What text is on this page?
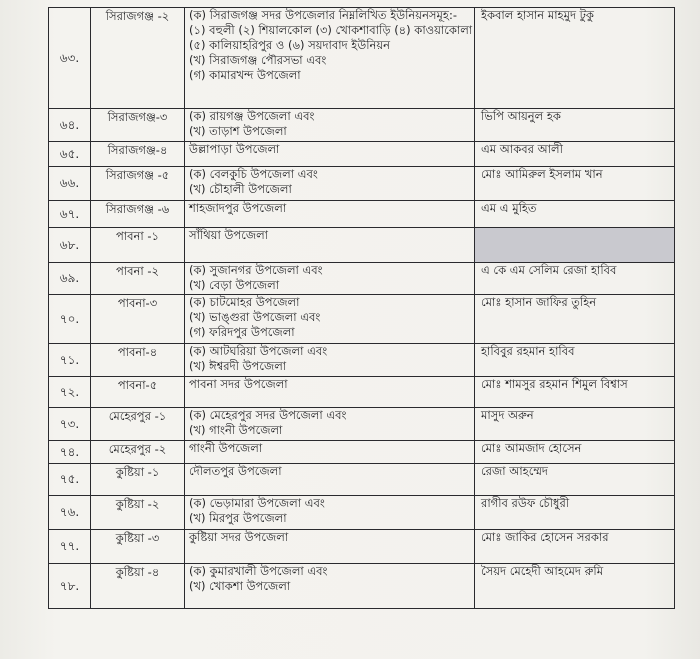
৬৩.	সিরাজগঞ্জ -২	(ক) সিরাজগঞ্জ সদর উপজেলার নিম্নলিখিত ইউনিয়নসমূহ:-
(১) বহুলী (২) শিয়ালকোল (৩) খোকশাবাড়ি (৪) কাওয়াকোলা
(৫) কালিয়াহরিপুর ও (৬) সয়দাবাদ ইউনিয়ন
(খ) সিরাজগঞ্জ পৌরসভা এবং
(গ) কামারখন্দ উপজেলা	ইকবাল হাসান মাহমুদ টুকু
৬৪.	সিরাজগঞ্জ-৩	(ক) রায়গঞ্জ উপজেলা এবং
(খ) তাড়াশ উপজেলা	ভিপি আয়নুল হক
৬৫.	সিরাজগঞ্জ-৪	উল্লাপাড়া উপজেলা	এম আকবর আলী
৬৬.	সিরাজগঞ্জ -৫	(ক) বেলকুচি উপজেলা এবং
(খ) চৌহালী উপজেলা	মোঃ আমিরুল ইসলাম খান
৬৭.	সিরাজগঞ্জ -৬	শাহজাদপুর উপজেলা	এম এ মুহিত
৬৮.	পাবনা -১	সাঁথিয়া উপজেলা	

৬৯.	পাবনা -২	(ক) সুজানগর উপজেলা এবং
(খ) বেড়া উপজেলা	এ কে এম সেলিম রেজা হাবিব
৭০.	পাবনা-৩	(ক) চাটমোহর উপজেলা
(খ) ভাঙ্গুরা উপজেলা এবং
(গ) ফরিদপুর উপজেলা	মোঃ হাসান জাফির তুহিন
৭১.	পাবনা-৪	(ক) আটঘরিয়া উপজেলা এবং
(খ) ঈশ্বরদী উপজেলা	হাবিবুর রহমান হাবিব
৭২.	পাবনা-৫	পাবনা সদর উপজেলা	মোঃ শামসুর রহমান শিমুল বিশ্বাস
৭৩.	মেহেরপুর -১	(ক) মেহেরপুর সদর উপজেলা এবং
(খ) গাংনী উপজেলা	মাসুদ অরুন
৭৪.	মেহেরপুর -২	গাংনী উপজেলা	মোঃ আমজাদ হোসেন
৭৫.	কুষ্টিয়া -১	দৌলতপুর উপজেলা	রেজা আহম্মেদ
৭৬.	কুষ্টিয়া -২	(ক) ভেড়ামারা উপজেলা এবং
(খ) মিরপুর উপজেলা	রাগীব রউফ চৌধুরী
৭৭.	কুষ্টিয়া -৩	কুষ্টিয়া সদর উপজেলা	মোঃ জাকির হোসেন সরকার
৭৮.	কুষ্টিয়া -৪	(ক) কুমারখালী উপজেলা এবং
(খ) খোকশা উপজেলা	সৈয়দ মেহেদী আহমেদ রুমি
